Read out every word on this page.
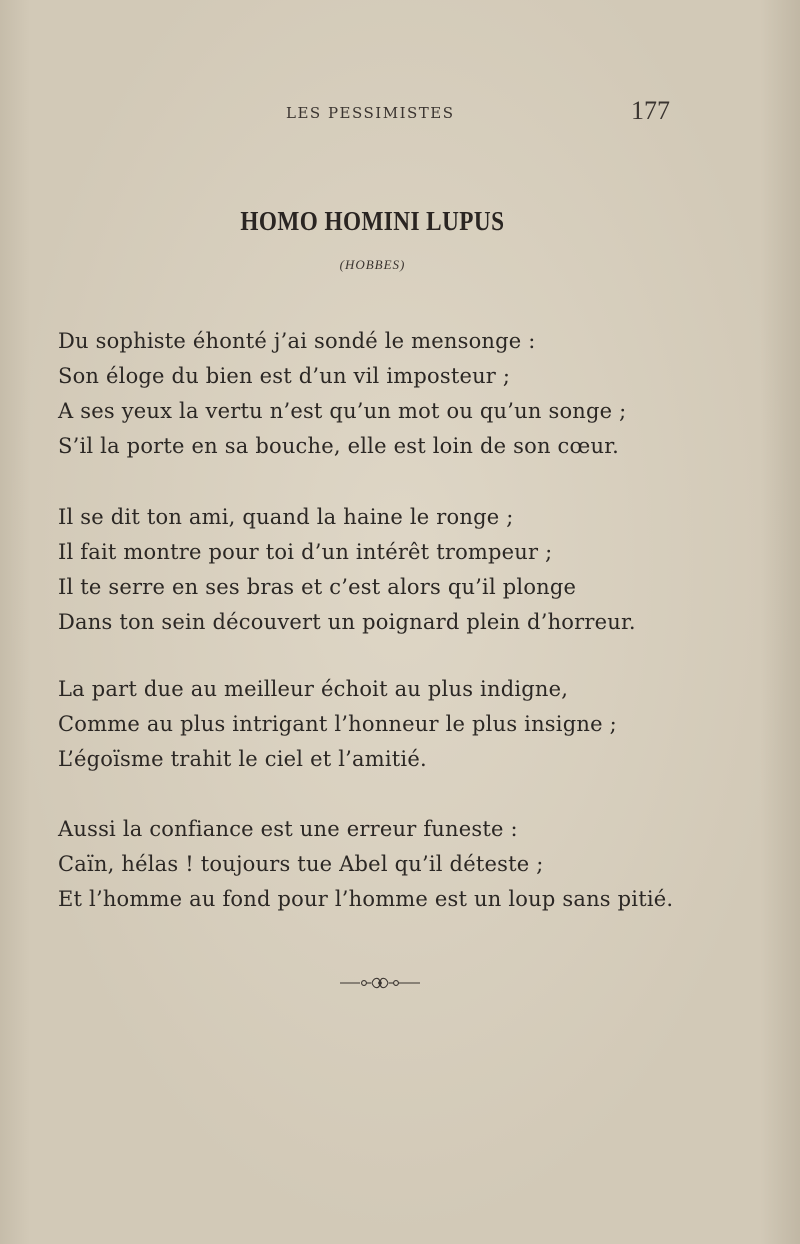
LES PESSIMISTES	177
HOMO HOMINI LUPUS
(HOBBES)
Du sophiste éhonté j’ai sondé le mensonge :
Son éloge du bien est d’un vil imposteur ;
A ses yeux la vertu n’est qu’un mot ou qu’un songe ;
S’il la porte en sa bouche, elle est loin de son cœur.
Il se dit ton ami, quand la haine le ronge ;
Il fait montre pour toi d’un intérêt trompeur ;
Il te serre en ses bras et c’est alors qu’il plonge
Dans ton sein découvert un poignard plein d’horreur.
La part due au meilleur échoit au plus indigne,
Comme au plus intrigant l’honneur le plus insigne ;
L’égoïsme trahit le ciel et l’amitié.
Aussi la confiance est une erreur funeste :
Caïn, hélas ! toujours tue Abel qu’il déteste ;
Et l’homme au fond pour l’homme est un loup sans pitié.
